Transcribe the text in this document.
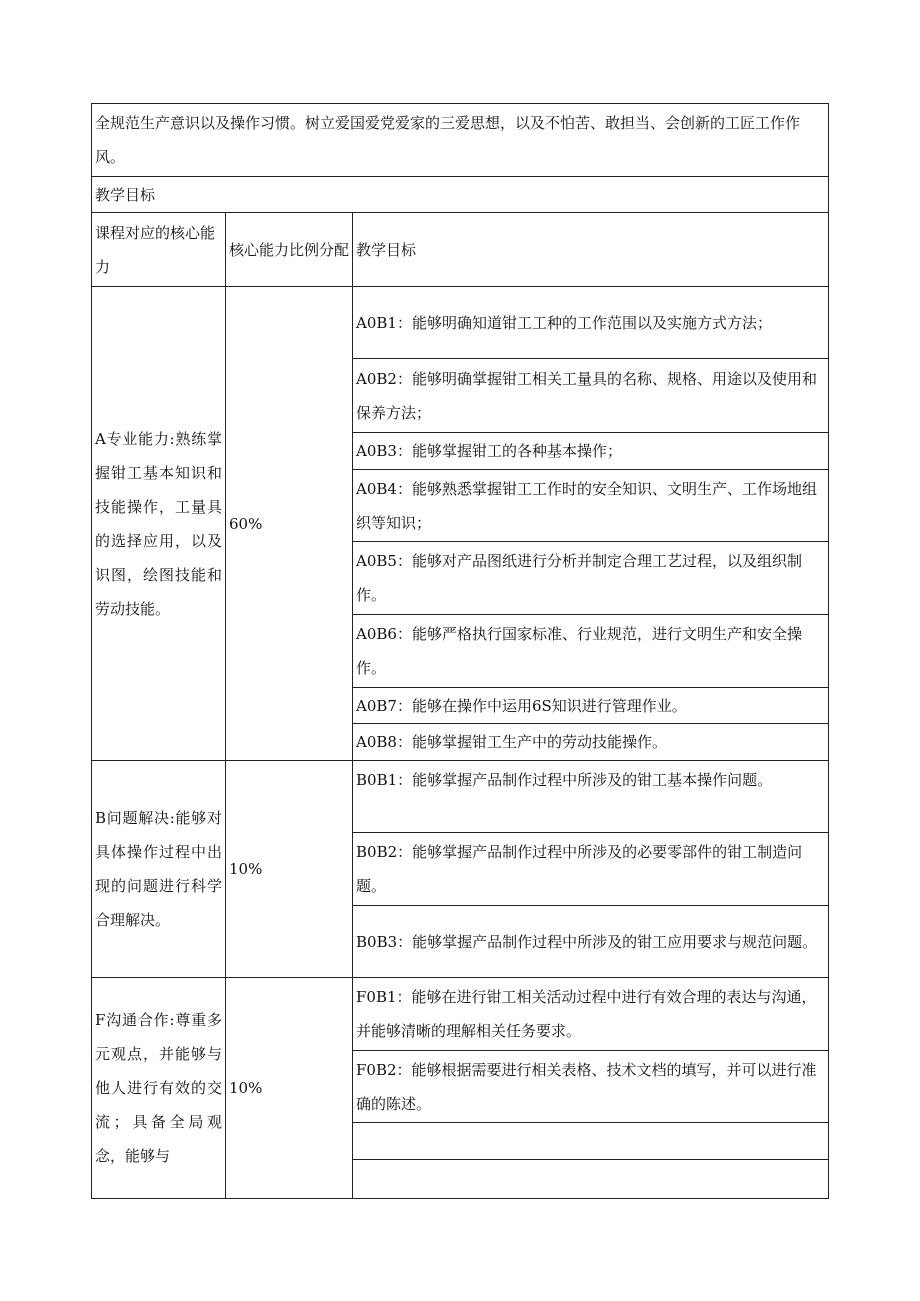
全规范生产意识以及操作习惯。树立爱国爱党爱家的三爱思想，以及不怕苦、敢担当、会创新的工匠工作作风。		
教学目标		
课程对应的核心能力	核心能力比例分配	教学目标
A专业能力:熟练掌握钳工基本知识和技能操作，工量具的选择应用，以及识图，绘图技能和劳动技能。	60%	A0B1：能够明确知道钳工工种的工作范围以及实施方式方法；
		A0B2：能够明确掌握钳工相关工量具的名称、规格、用途以及使用和保养方法；
		A0B3：能够掌握钳工的各种基本操作；
		A0B4：能够熟悉掌握钳工工作时的安全知识、文明生产、工作场地组织等知识；
		A0B5：能够对产品图纸进行分析并制定合理工艺过程，以及组织制作。
		A0B6：能够严格执行国家标准、行业规范，进行文明生产和安全操作。
		A0B7：能够在操作中运用6S知识进行管理作业。
		A0B8：能够掌握钳工生产中的劳动技能操作。
B问题解决:能够对具体操作过程中出现的问题进行科学合理解决。	10%	B0B1：能够掌握产品制作过程中所涉及的钳工基本操作问题。
		B0B2：能够掌握产品制作过程中所涉及的必要零部件的钳工制造问题。
		B0B3：能够掌握产品制作过程中所涉及的钳工应用要求与规范问题。
F沟通合作:尊重多元观点，并能够与他人进行有效的交流；具备全局观念，能够与	10%	F0B1：能够在进行钳工相关活动过程中进行有效合理的表达与沟通，并能够清晰的理解相关任务要求。
		F0B2：能够根据需要进行相关表格、技术文档的填写，并可以进行准确的陈述。
